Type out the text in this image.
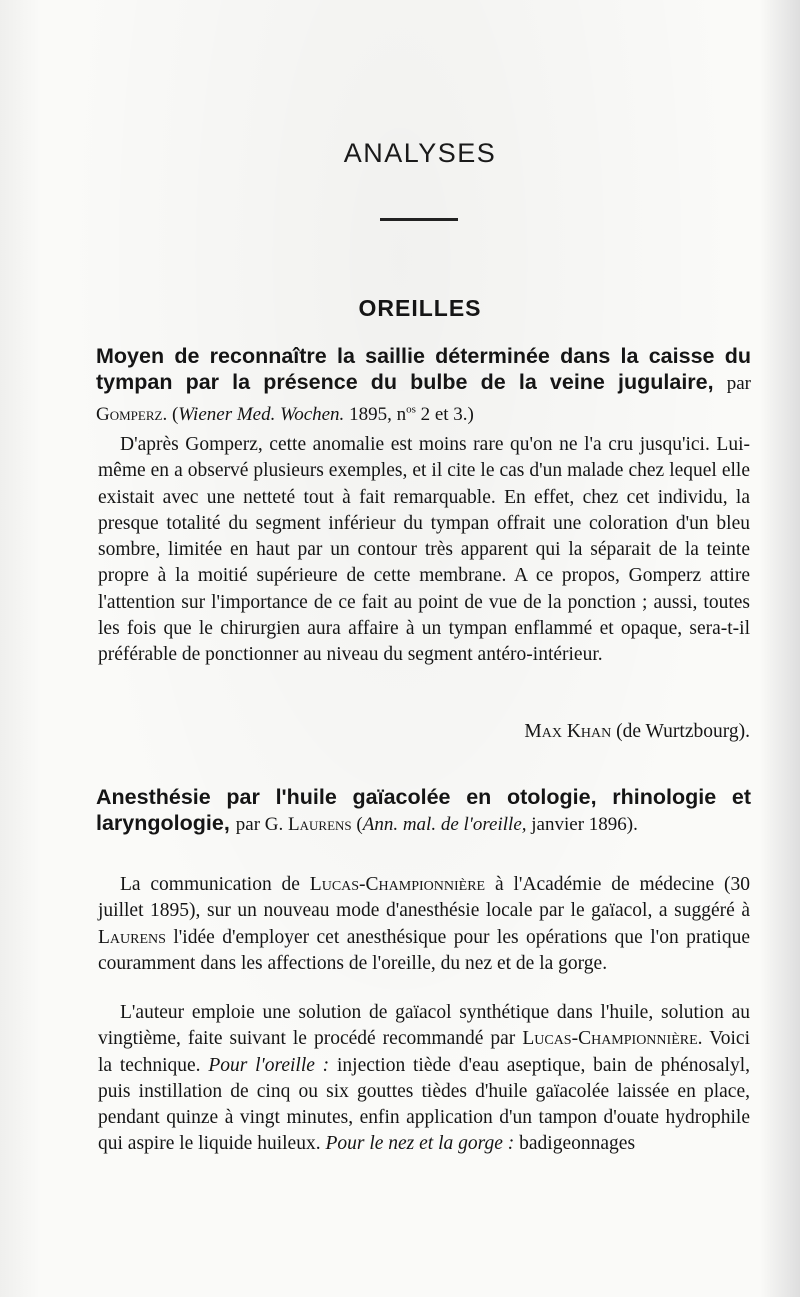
ANALYSES
OREILLES
Moyen de reconnaître la saillie déterminée dans la caisse du tympan par la présence du bulbe de la veine jugulaire, par Gomperz. (Wiener Med. Wochen. 1895, $n^{os}$ 2 et 3.)

D'après Gomperz, cette anomalie est moins rare qu'on ne l'a cru jusqu'ici. Lui-même en a observé plusieurs exemples, et il cite le cas d'un malade chez lequel elle existait avec une netteté tout à fait remarquable. En effet, chez cet individu, la presque totalité du segment inférieur du tympan offrait une coloration d'un bleu sombre, limitée en haut par un contour très apparent qui la séparait de la teinte propre à la moitié supérieure de cette membrane. A ce propos, Gomperz attire l'attention sur l'importance de ce fait au point de vue de la ponction ; aussi, toutes les fois que le chirurgien aura affaire à un tympan enflammé et opaque, sera-t-il préférable de ponctionner au niveau du segment antéro-intérieur.

Max Khan (de Wurtzbourg).
Anesthésie par l'huile gaïacolée en otologie, rhinologie et laryngologie, par G. Laurens (Ann. mal. de l'oreille, janvier 1896).

La communication de Lucas-Championnière à l'Académie de médecine (30 juillet 1895), sur un nouveau mode d'anesthésie locale par le gaïacol, a suggéré à Laurens l'idée d'employer cet anesthésique pour les opérations que l'on pratique couramment dans les affections de l'oreille, du nez et de la gorge.

L'auteur emploie une solution de gaïacol synthétique dans l'huile, solution au vingtième, faite suivant le procédé recommandé par Lucas-Championnière. Voici la technique. Pour l'oreille : injection tiède d'eau aseptique, bain de phénosalyl, puis instillation de cinq ou six gouttes tièdes d'huile gaïacolée laissée en place, pendant quinze à vingt minutes, enfin application d'un tampon d'ouate hydrophile qui aspire le liquide huileux. Pour le nez et la gorge : badigeonnages
